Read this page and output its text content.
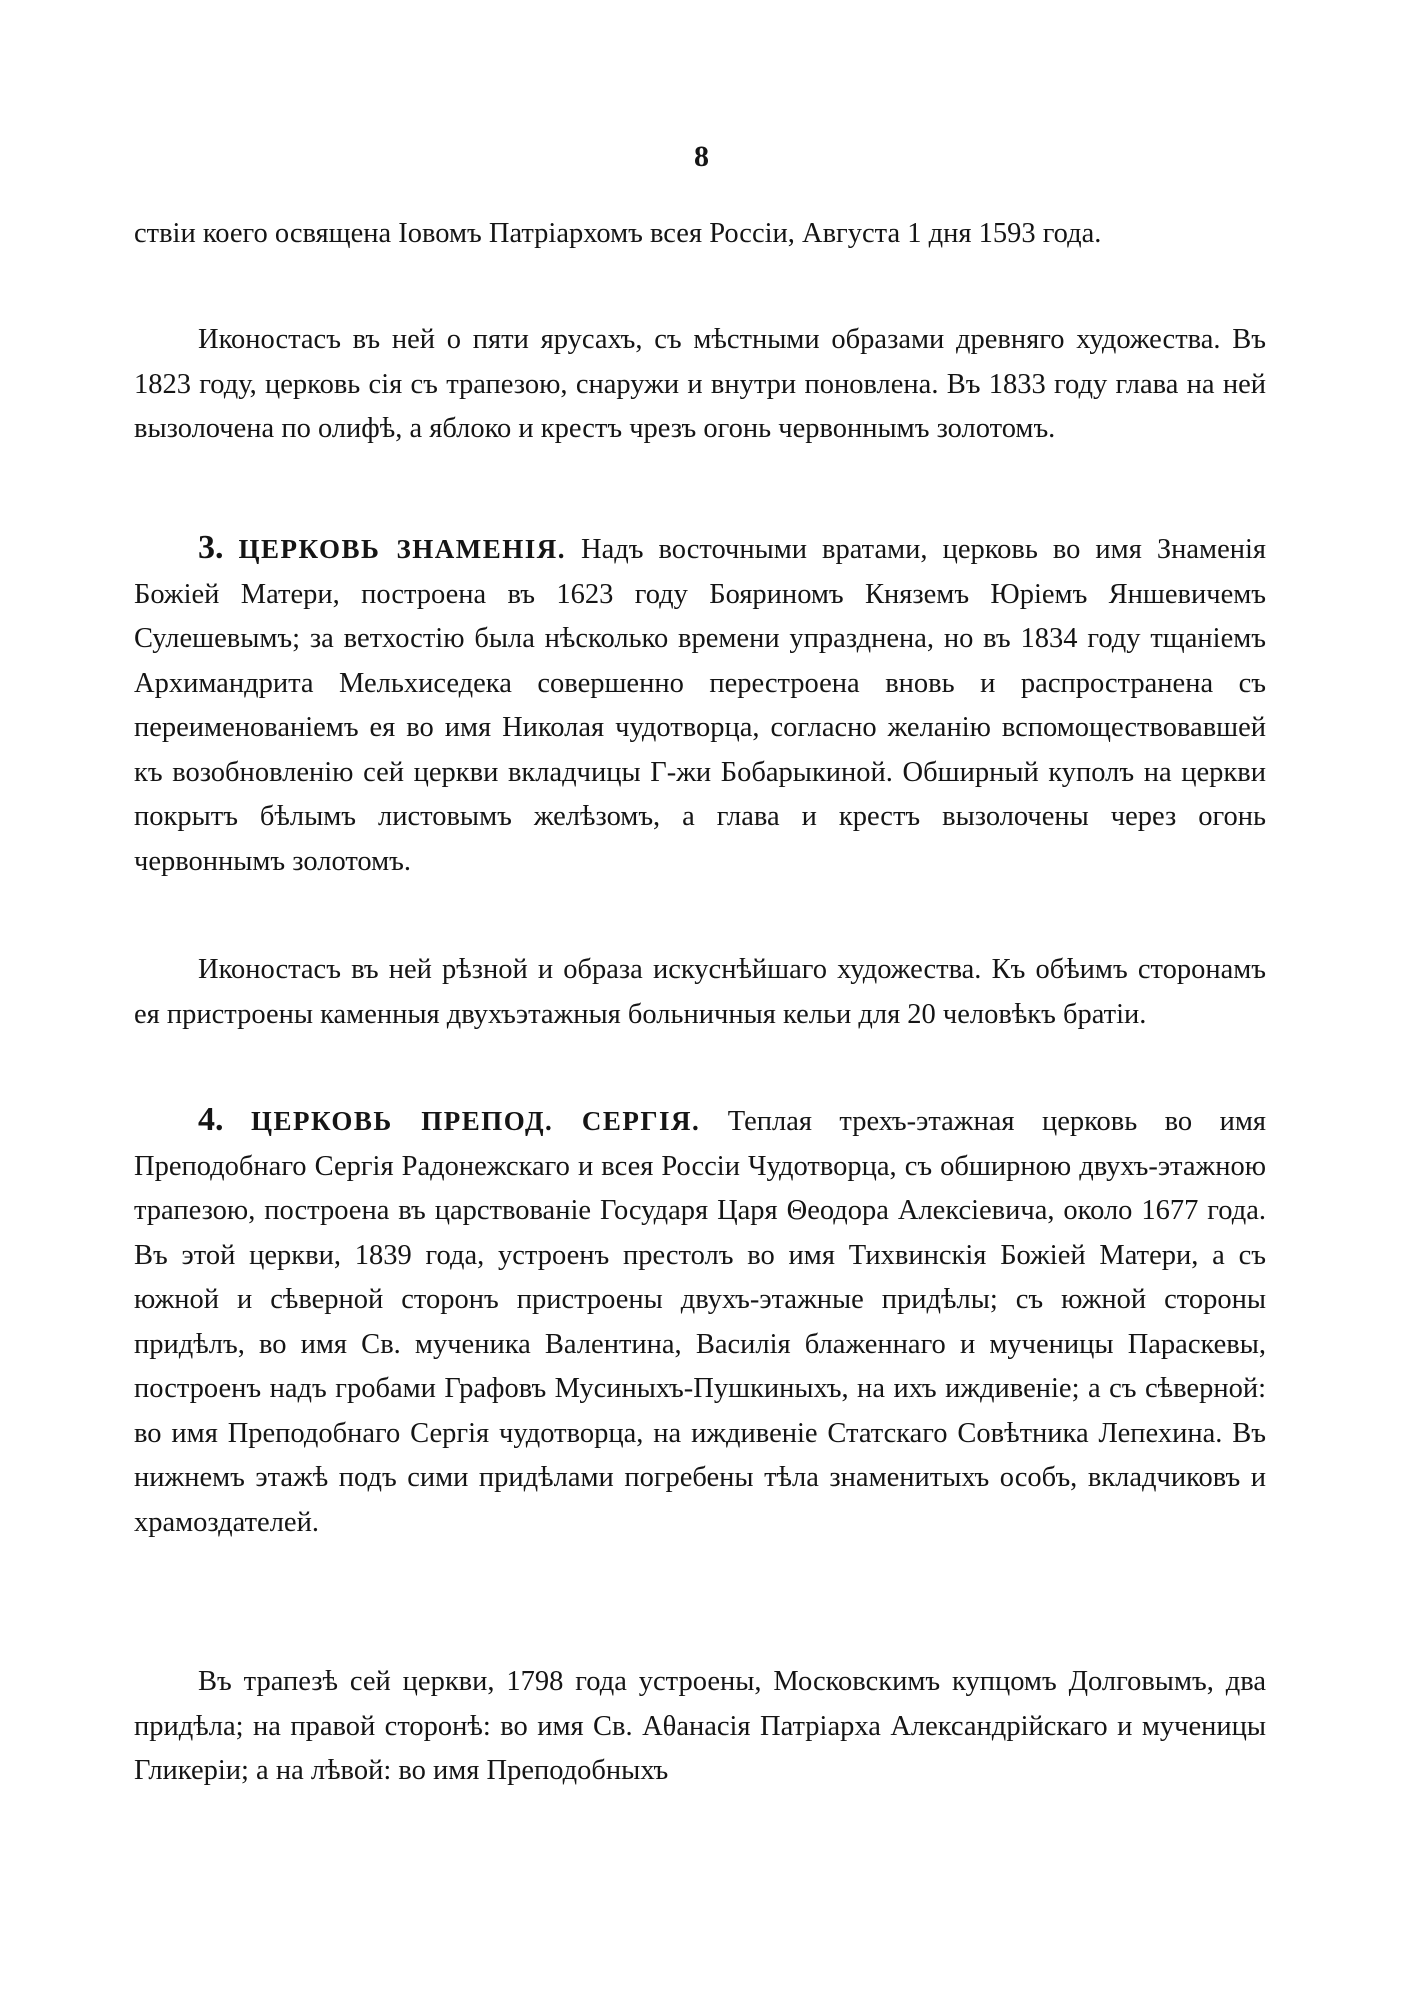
8

ствіи коего освящена Іовомъ Патріархомъ всея Россіи, Августа 1 дня 1593 года.

Иконостасъ въ ней о пяти ярусахъ, съ мѣстными образами древняго художества. Въ 1823 году, церковь сія съ трапезою, снаружи и внутри поновлена. Въ 1833 году глава на ней вызолочена по олифѣ, а яблоко и крестъ чрезъ огонь червоннымъ золотомъ.

3. ЦЕРКОВЬ ЗНАМЕНІЯ. Надъ восточными вратами, церковь во имя Знаменія Божіей Матери, построена въ 1623 году Бояриномъ Княземъ Юріемъ Яншевичемъ Сулешевымъ; за ветхостію была нѣсколько времени упразднена, но въ 1834 году тщаніемъ Архимандрита Мельхиседека совершенно перестроена вновь и распространена съ переименованіемъ ея во имя Николая чудотворца, согласно желанію вспомоществовавшей къ возобновленію сей церкви вкладчицы Г-жи Бобарыкиной. Обширный куполъ на церкви покрытъ бѣлымъ листовымъ желѣзомъ, а глава и крестъ вызолочены через огонь червоннымъ золотомъ.

Иконостасъ въ ней рѣзной и образа искуснѣйшаго художества. Къ обѣимъ сторонамъ ея пристроены каменныя двухъэтажныя больничныя кельи для 20 человѣкъ братіи.

4. ЦЕРКОВЬ ПРЕПОД. СЕРГІЯ. Теплая трехъ-этажная церковь во имя Преподобнаго Сергія Радонежскаго и всея Россіи Чудотворца, съ обширною двухъ-этажною трапезою, построена въ царствованіе Государя Царя Θеодора Алексіевича, около 1677 года. Въ этой церкви, 1839 года, устроенъ престолъ во имя Тихвинскія Божіей Матери, а съ южной и сѣверной сторонъ пристроены двухъ-этажные придѣлы; съ южной стороны придѣлъ, во имя Св. мученика Валентина, Василія блаженнаго и мученицы Параскевы, построенъ надъ гробами Графовъ Мусиныхъ-Пушкиныхъ, на ихъ иждивеніе; а съ сѣверной: во имя Преподобнаго Сергія чудотворца, на иждивеніе Статскаго Совѣтника Лепехина. Въ нижнемъ этажѣ подъ сими придѣлами погребены тѣла знаменитыхъ особъ, вкладчиковъ и храмоздателей.

Въ трапезѣ сей церкви, 1798 года устроены, Московскимъ купцомъ Долговымъ, два придѣла; на правой сторонѣ: во имя Св. Аθанасія Патріарха Александрійскаго и мученицы Гликеріи; а на лѣвой: во имя Преподобныхъ
